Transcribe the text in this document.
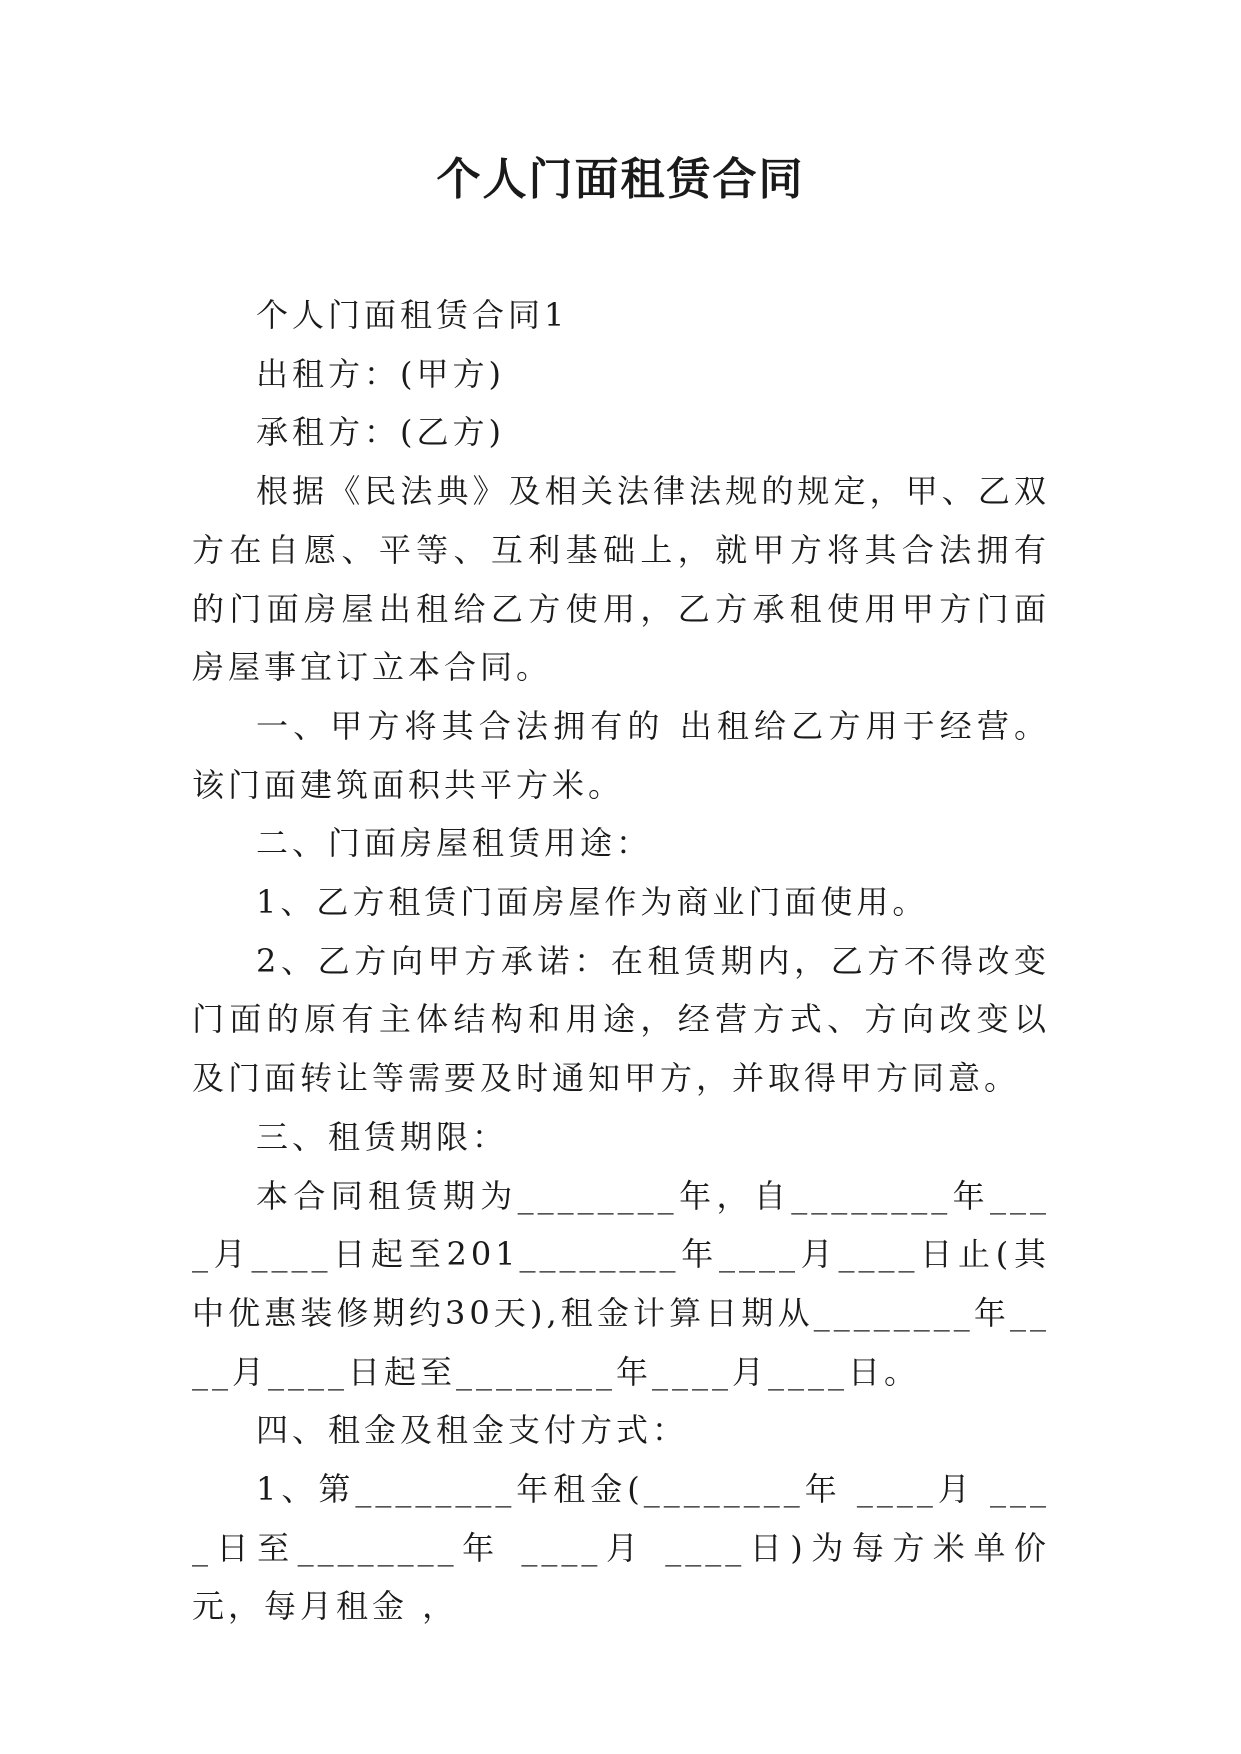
个人门面租赁合同

个人门面租赁合同1

出租方：(甲方)

承租方：(乙方)

根据《民法典》及相关法律法规的规定，甲、乙双方在自愿、平等、互利基础上，就甲方将其合法拥有的门面房屋出租给乙方使用，乙方承租使用甲方门面房屋事宜订立本合同。

一、甲方将其合法拥有的 出租给乙方用于经营。该门面建筑面积共平方米。

二、门面房屋租赁用途：

1、乙方租赁门面房屋作为商业门面使用。

2、乙方向甲方承诺：在租赁期内，乙方不得改变门面的原有主体结构和用途，经营方式、方向改变以及门面转让等需要及时通知甲方，并取得甲方同意。

三、租赁期限：

本合同租赁期为________年，自________年____月____日起至201________年____月____日止(其中优惠装修期约30天),租金计算日期从________年____月____日起至________年____月____日。

四、租金及租金支付方式：

1、第________年租金(________年 ____月 ____日至________年 ____月 ____日)为每方米单价 元，每月租金 ，
